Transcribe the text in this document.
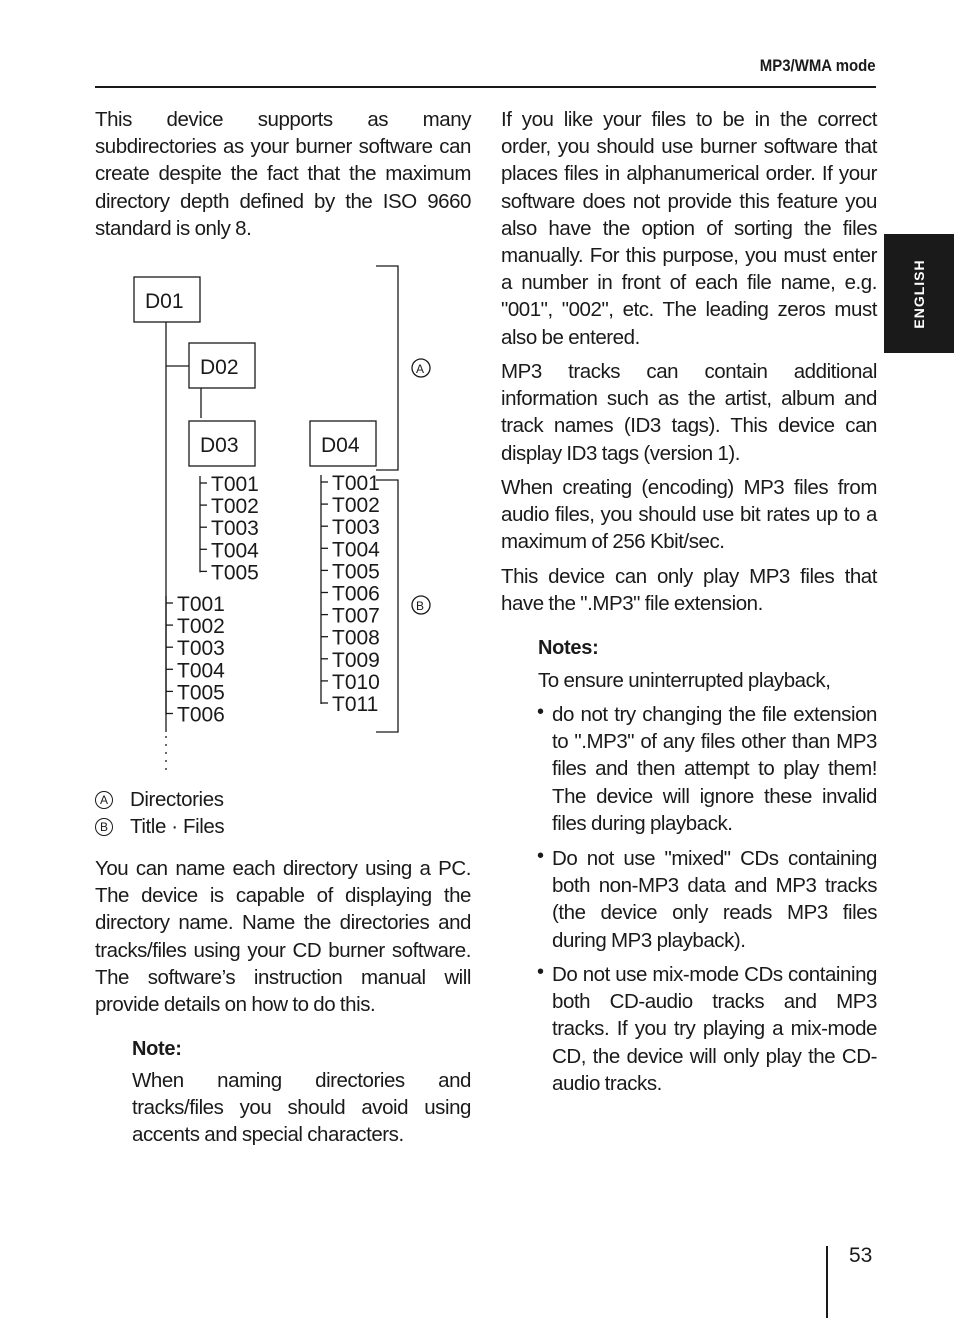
MP3/WMA mode
ENGLISH

This device supports as many subdirectories as your burner software can create despite the fact that the maximum directory depth defined by the ISO 9660 standard is only 8.

D01
D02
D03	D04
T001
T002
T003
T004
T005
T001
T002
T003
T004
T005
T006
T001
T002
T003
T004
T005
T006
T007
T008
T009
T010
T011
A
B
A Directories
B Title · Files

You can name each directory using a PC. The device is capable of displaying the directory name. Name the directories and tracks/files using your CD burner software. The software’s instruction manual will provide details on how to do this.

Note:

When naming directories and tracks/files you should avoid using accents and special characters.

If you like your files to be in the correct order, you should use burner software that places files in alphanumerical order. If your software does not provide this feature you also have the option of sorting the files manually. For this purpose, you must enter a number in front of each file name, e.g. "001", "002", etc. The leading zeros must also be entered.

MP3 tracks can contain additional information such as the artist, album and track names (ID3 tags). This device can display ID3 tags (version 1).

When creating (encoding) MP3 files from audio files, you should use bit rates up to a maximum of 256 Kbit/sec.

This device can only play MP3 files that have the ".MP3" file extension.

Notes:

To ensure uninterrupted playback,

• do not try changing the file extension to ".MP3" of any files other than MP3 files and then attempt to play them! The device will ignore these invalid files during playback.

• Do not use "mixed" CDs containing both non-MP3 data and MP3 tracks (the device only reads MP3 files during MP3 playback).

• Do not use mix-mode CDs containing both CD-audio tracks and MP3 tracks. If you try playing a mix-mode CD, the device will only play the CD-audio tracks.

53
